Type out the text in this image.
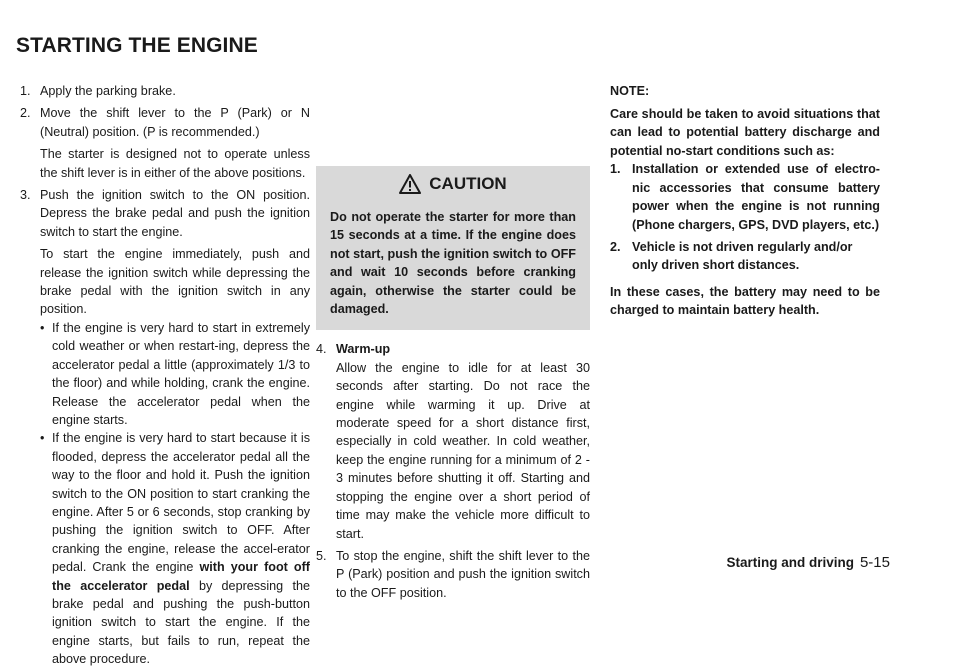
STARTING THE ENGINE
1. Apply the parking brake.

2. Move the shift lever to the P (Park) or N (Neutral) position. (P is recommended.)

The starter is designed not to operate unless the shift lever is in either of the above positions.

3. Push the ignition switch to the ON position. Depress the brake pedal and push the ignition switch to start the engine.

To start the engine immediately, push and release the ignition switch while depressing the brake pedal with the ignition switch in any position.

• If the engine is very hard to start in extremely cold weather or when restart-ing, depress the accelerator pedal a little (approximately 1/3 to the floor) and while holding, crank the engine. Release the accelerator pedal when the engine starts.

• If the engine is very hard to start because it is flooded, depress the accelerator pedal all the way to the floor and hold it. Push the ignition switch to the ON position to start cranking the engine. After 5 or 6 seconds, stop cranking by pushing the ignition switch to OFF. After cranking the engine, release the accel-erator pedal. Crank the engine with your foot off the accelerator pedal by depressing the brake pedal and pushing the push-button ignition switch to start the engine. If the engine starts, but fails to run, repeat the above procedure.

CAUTION

Do not operate the starter for more than 15 seconds at a time. If the engine does not start, push the ignition switch to OFF and wait 10 seconds before cranking again, otherwise the starter could be damaged.

4. Warm-up

Allow the engine to idle for at least 30 seconds after starting. Do not race the engine while warming it up. Drive at moderate speed for a short distance first, especially in cold weather. In cold weather, keep the engine running for a minimum of 2 - 3 minutes before shutting it off. Starting and stopping the engine over a short period of time may make the vehicle more difficult to start.

5. To stop the engine, shift the shift lever to the P (Park) position and push the ignition switch to the OFF position.

NOTE:

Care should be taken to avoid situations that can lead to potential battery discharge and potential no-start conditions such as:

1. Installation or extended use of electro-nic accessories that consume battery power when the engine is not running (Phone chargers, GPS, DVD players, etc.)

2. Vehicle is not driven regularly and/or only driven short distances.

In these cases, the battery may need to be charged to maintain battery health.

Starting and driving 5-15
